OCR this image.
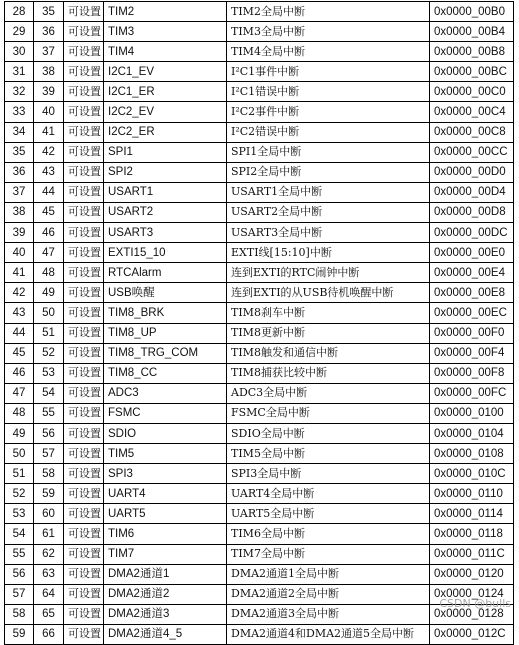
28	35	可设置	TIM2	TIM2全局中断	0x0000_00B0
29	36	可设置	TIM3	TIM3全局中断	0x0000_00B4
30	37	可设置	TIM4	TIM4全局中断	0x0000_00B8
31	38	可设置	I2C1_EV	I²C1事件中断	0x0000_00BC
32	39	可设置	I2C1_ER	I²C1错误中断	0x0000_00C0
33	40	可设置	I2C2_EV	I²C2事件中断	0x0000_00C4
34	41	可设置	I2C2_ER	I²C2错误中断	0x0000_00C8
35	42	可设置	SPI1	SPI1全局中断	0x0000_00CC
36	43	可设置	SPI2	SPI2全局中断	0x0000_00D0
37	44	可设置	USART1	USART1全局中断	0x0000_00D4
38	45	可设置	USART2	USART2全局中断	0x0000_00D8
39	46	可设置	USART3	USART3全局中断	0x0000_00DC
40	47	可设置	EXTI15_10	EXTI线[15:10]中断	0x0000_00E0
41	48	可设置	RTCAlarm	连到EXTI的RTC闹钟中断	0x0000_00E4
42	49	可设置	USB唤醒	连到EXTI的从USB待机唤醒中断	0x0000_00E8
43	50	可设置	TIM8_BRK	TIM8刹车中断	0x0000_00EC
44	51	可设置	TIM8_UP	TIM8更新中断	0x0000_00F0
45	52	可设置	TIM8_TRG_COM	TIM8触发和通信中断	0x0000_00F4
46	53	可设置	TIM8_CC	TIM8捕获比较中断	0x0000_00F8
47	54	可设置	ADC3	ADC3全局中断	0x0000_00FC
48	55	可设置	FSMC	FSMC全局中断	0x0000_0100
49	56	可设置	SDIO	SDIO全局中断	0x0000_0104
50	57	可设置	TIM5	TIM5全局中断	0x0000_0108
51	58	可设置	SPI3	SPI3全局中断	0x0000_010C
52	59	可设置	UART4	UART4全局中断	0x0000_0110
53	60	可设置	UART5	UART5全局中断	0x0000_0114
54	61	可设置	TIM6	TIM6全局中断	0x0000_0118
55	62	可设置	TIM7	TIM7全局中断	0x0000_011C
56	63	可设置	DMA2通道1	DMA2通道1全局中断	0x0000_0120
57	64	可设置	DMA2通道2	DMA2通道2全局中断	0x0000_0124
58	65	可设置	DMA2通道3	DMA2通道3全局中断	0x0000_0128
59	66	可设置	DMA2通道4_5	DMA2通道4和DMA2通道5全局中断	0x0000_012C
CSDN @bulls
